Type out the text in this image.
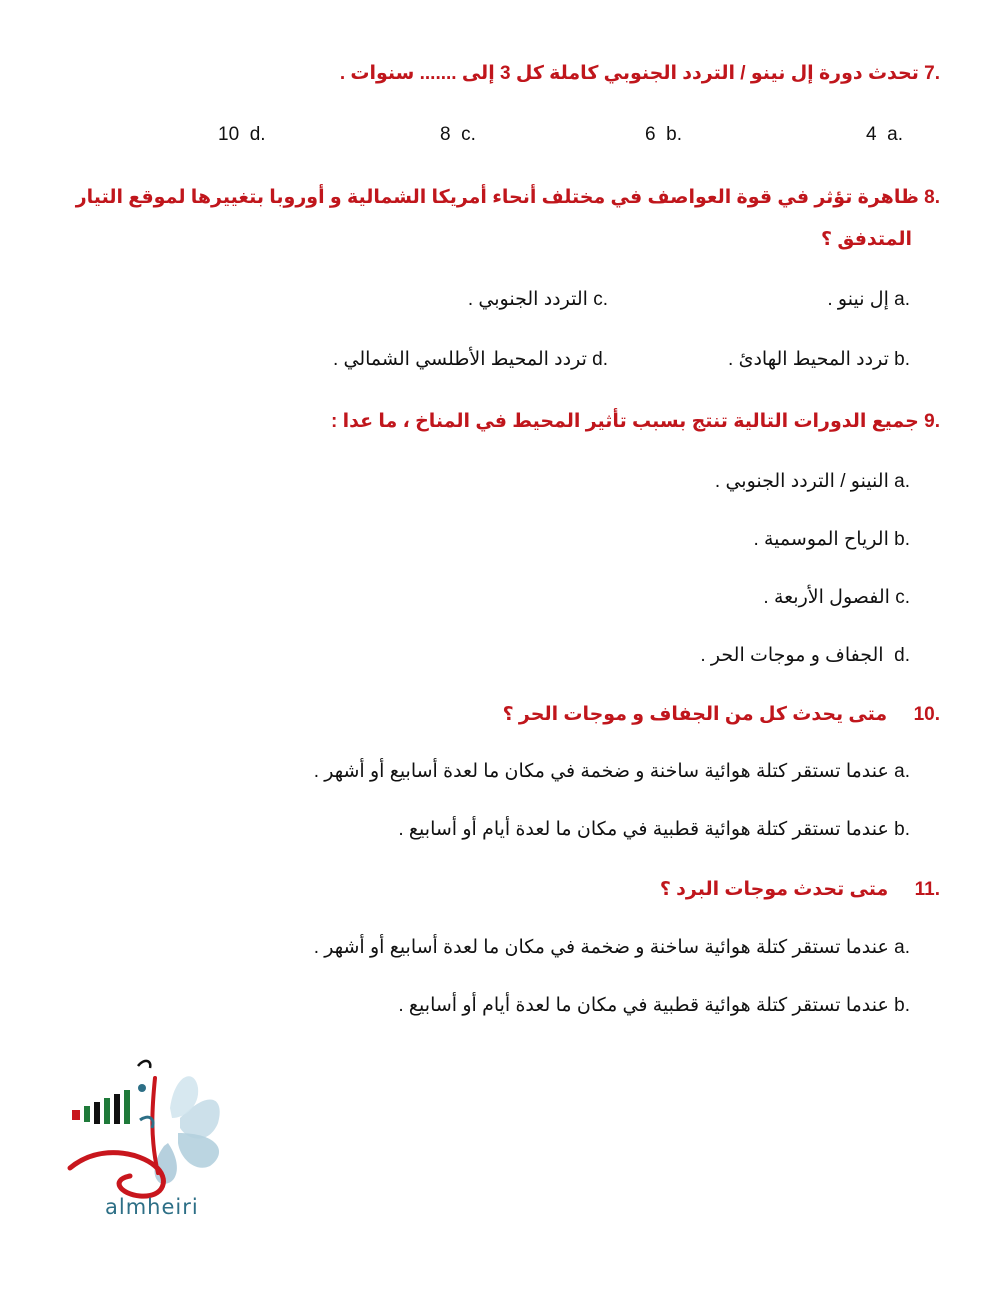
7. تحدث دورة إل نينو / التردد الجنوبي كاملة كل 3 إلى ....... سنوات .
4 a.
6 b.
8 c.
10 d.
8. ظاهرة تؤثر في قوة العواصف في مختلف أنحاء أمريكا الشمالية و أوروبا بتغييرها لموقع التيار
المتدفق ؟
a. إل نينو .
c. التردد الجنوبي .
b. تردد المحيط الهادئ .
d. تردد المحيط الأطلسي الشمالي .
9. جميع الدورات التالية تنتج بسبب تأثير المحيط في المناخ ، ما عدا :
a. النينو / التردد الجنوبي .
b. الرياح الموسمية .
c. الفصول الأربعة .
d.  الجفاف و موجات الحر .
10.     متى يحدث كل من الجفاف و موجات الحر ؟
a. عندما تستقر كتلة هوائية ساخنة و ضخمة في مكان ما لعدة أسابيع أو أشهر .
b. عندما تستقر كتلة هوائية قطبية في مكان ما لعدة أيام أو أسابيع .
11.     متى تحدث موجات البرد ؟
a. عندما تستقر كتلة هوائية ساخنة و ضخمة في مكان ما لعدة أسابيع أو أشهر .
b. عندما تستقر كتلة هوائية قطبية في مكان ما لعدة أيام أو أسابيع .
almheiri
